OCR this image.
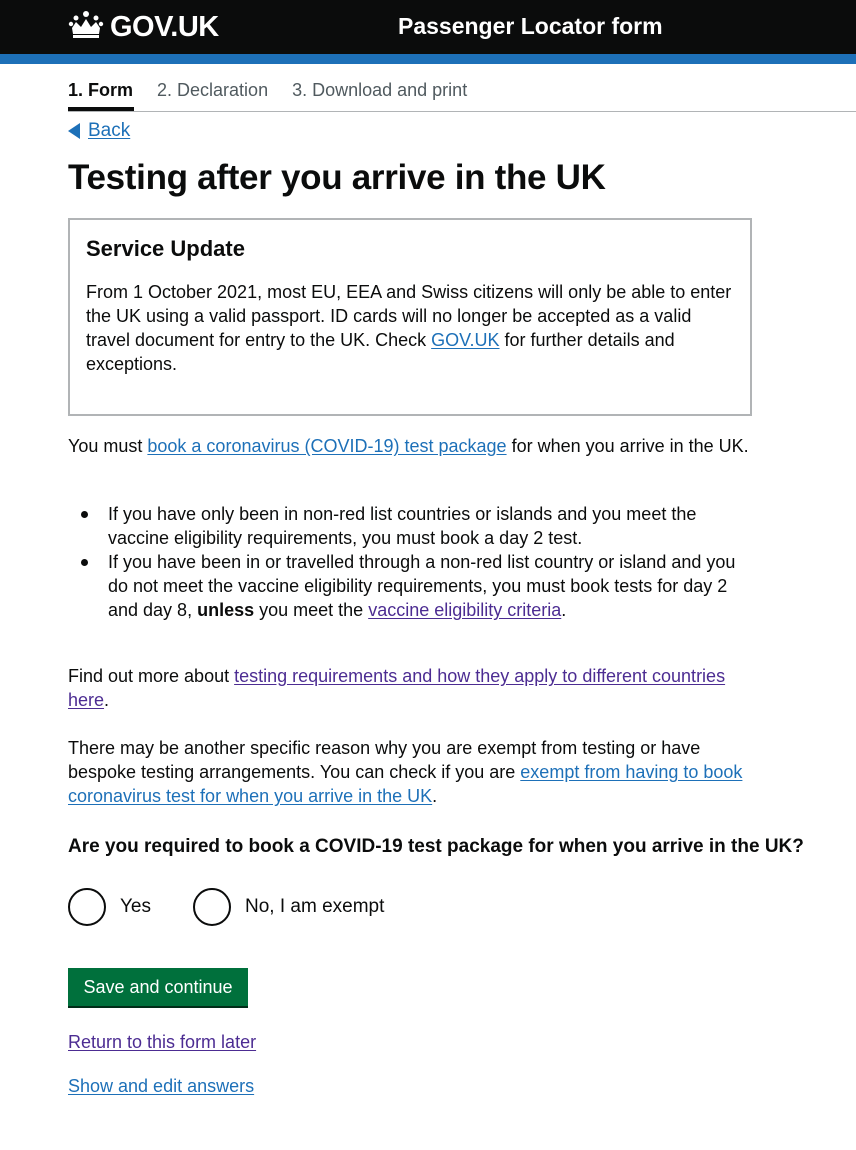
GOV.UK	Passenger Locator form
1. Form 2. Declaration 3. Download and print
Back
Testing after you arrive in the UK
Service Update

From 1 October 2021, most EU, EEA and Swiss citizens will only be able to enter the UK using a valid passport. ID cards will no longer be accepted as a valid travel document for entry to the UK. Check GOV.UK for further details and exceptions.

You must book a coronavirus (COVID-19) test package for when you arrive in the UK.

If you have only been in non-red list countries or islands and you meet the vaccine eligibility requirements, you must book a day 2 test.
If you have been in or travelled through a non-red list country or island and you do not meet the vaccine eligibility requirements, you must book tests for day 2 and day 8, unless you meet the vaccine eligibility criteria.

Find out more about testing requirements and how they apply to different countries here.

There may be another specific reason why you are exempt from testing or have bespoke testing arrangements. You can check if you are exempt from having to book coronavirus test for when you arrive in the UK.

Are you required to book a COVID-19 test package for when you arrive in the UK?
Yes	No, I am exempt
Save and continue
Return to this form later
Show and edit answers
